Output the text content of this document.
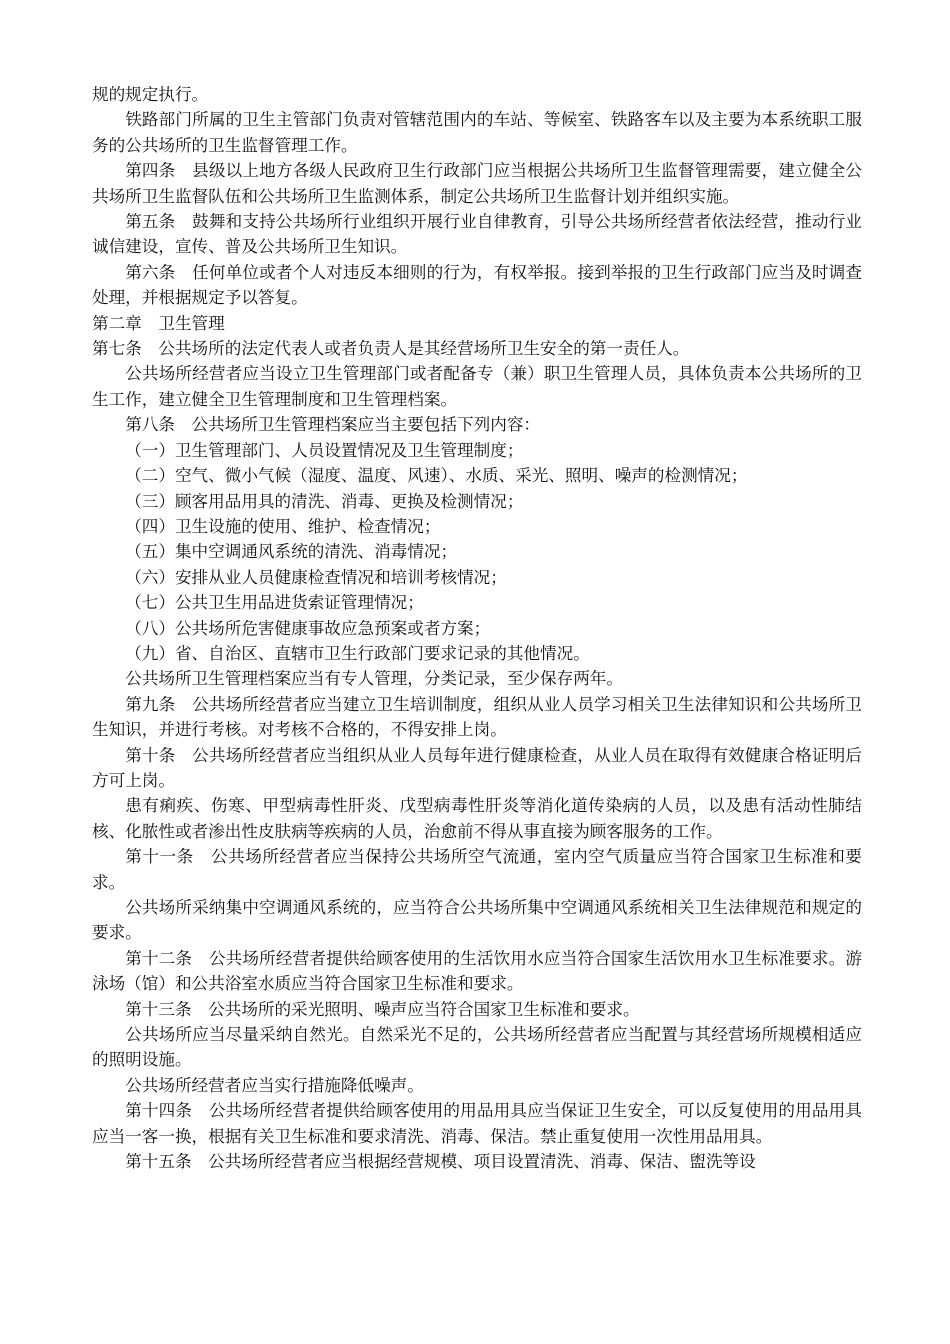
规的规定执行。

铁路部门所属的卫生主管部门负责对管辖范围内的车站、等候室、铁路客车以及主要为本系统职工服务的公共场所的卫生监督管理工作。

第四条　县级以上地方各级人民政府卫生行政部门应当根据公共场所卫生监督管理需要，建立健全公共场所卫生监督队伍和公共场所卫生监测体系，制定公共场所卫生监督计划并组织实施。

第五条　鼓舞和支持公共场所行业组织开展行业自律教育，引导公共场所经营者依法经营，推动行业诚信建设，宣传、普及公共场所卫生知识。

第六条　任何单位或者个人对违反本细则的行为，有权举报。接到举报的卫生行政部门应当及时调查处理，并根据规定予以答复。

第二章　卫生管理

第七条　公共场所的法定代表人或者负责人是其经营场所卫生安全的第一责任人。

公共场所经营者应当设立卫生管理部门或者配备专（兼）职卫生管理人员，具体负责本公共场所的卫生工作，建立健全卫生管理制度和卫生管理档案。

第八条　公共场所卫生管理档案应当主要包括下列内容：

（一）卫生管理部门、人员设置情况及卫生管理制度；

（二）空气、微小气候（湿度、温度、风速）、水质、采光、照明、噪声的检测情况；

（三）顾客用品用具的清洗、消毒、更换及检测情况；

（四）卫生设施的使用、维护、检查情况；

（五）集中空调通风系统的清洗、消毒情况；

（六）安排从业人员健康检查情况和培训考核情况；

（七）公共卫生用品进货索证管理情况；

（八）公共场所危害健康事故应急预案或者方案；

（九）省、自治区、直辖市卫生行政部门要求记录的其他情况。

公共场所卫生管理档案应当有专人管理，分类记录，至少保存两年。

第九条　公共场所经营者应当建立卫生培训制度，组织从业人员学习相关卫生法律知识和公共场所卫生知识，并进行考核。对考核不合格的，不得安排上岗。

第十条　公共场所经营者应当组织从业人员每年进行健康检查，从业人员在取得有效健康合格证明后方可上岗。

患有痢疾、伤寒、甲型病毒性肝炎、戊型病毒性肝炎等消化道传染病的人员，以及患有活动性肺结核、化脓性或者渗出性皮肤病等疾病的人员，治愈前不得从事直接为顾客服务的工作。

第十一条　公共场所经营者应当保持公共场所空气流通，室内空气质量应当符合国家卫生标准和要求。

公共场所采纳集中空调通风系统的，应当符合公共场所集中空调通风系统相关卫生法律规范和规定的要求。

第十二条　公共场所经营者提供给顾客使用的生活饮用水应当符合国家生活饮用水卫生标准要求。游泳场（馆）和公共浴室水质应当符合国家卫生标准和要求。

第十三条　公共场所的采光照明、噪声应当符合国家卫生标准和要求。

公共场所应当尽量采纳自然光。自然采光不足的，公共场所经营者应当配置与其经营场所规模相适应的照明设施。

公共场所经营者应当实行措施降低噪声。

第十四条　公共场所经营者提供给顾客使用的用品用具应当保证卫生安全，可以反复使用的用品用具应当一客一换，根据有关卫生标准和要求清洗、消毒、保洁。禁止重复使用一次性用品用具。

第十五条　公共场所经营者应当根据经营规模、项目设置清洗、消毒、保洁、盥洗等设
